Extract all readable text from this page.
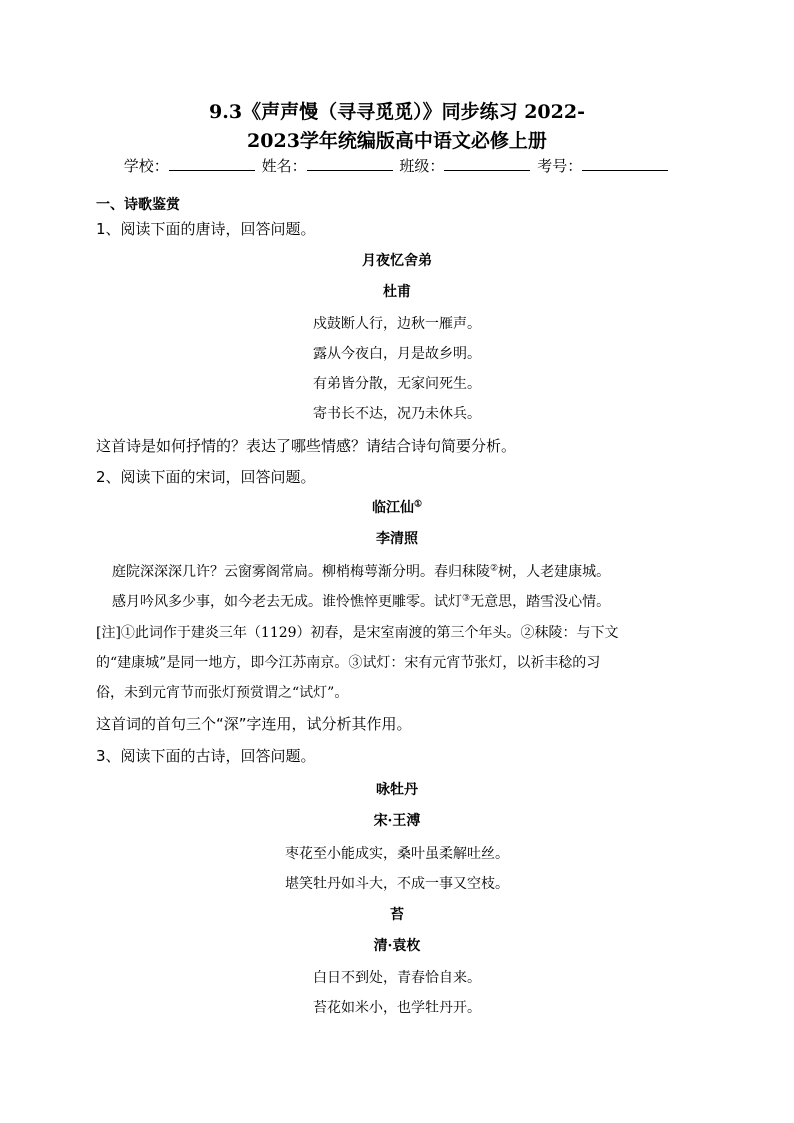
9.3《声声慢（寻寻觅觅）》同步练习 2022-
2023学年统编版高中语文必修上册
学校：	姓名：	班级：	考号：
一、诗歌鉴赏
1、阅读下面的唐诗，回答问题。
月夜忆舍弟
杜甫
戍鼓断人行，边秋一雁声。
露从今夜白，月是故乡明。
有弟皆分散，无家问死生。
寄书长不达，况乃未休兵。
这首诗是如何抒情的？表达了哪些情感？请结合诗句简要分析。
2、阅读下面的宋词，回答问题。
临江仙①
李清照
庭院深深深几许？云窗雾阁常扃。柳梢梅萼渐分明。春归秣陵②树，人老建康城。
感月吟风多少事，如今老去无成。谁怜憔悴更雕零。试灯③无意思，踏雪没心情。
[注]①此词作于建炎三年（1129）初春，是宋室南渡的第三个年头。②秣陵：与下文
的“建康城”是同一地方，即今江苏南京。③试灯：宋有元宵节张灯，以祈丰稔的习
俗，未到元宵节而张灯预赏谓之“试灯”。
这首词的首句三个“深”字连用，试分析其作用。
3、阅读下面的古诗，回答问题。
咏牡丹
宋·王溥
枣花至小能成实，桑叶虽柔解吐丝。
堪笑牡丹如斗大，不成一事又空枝。
苔
清·袁枚
白日不到处，青春恰自来。
苔花如米小，也学牡丹开。
